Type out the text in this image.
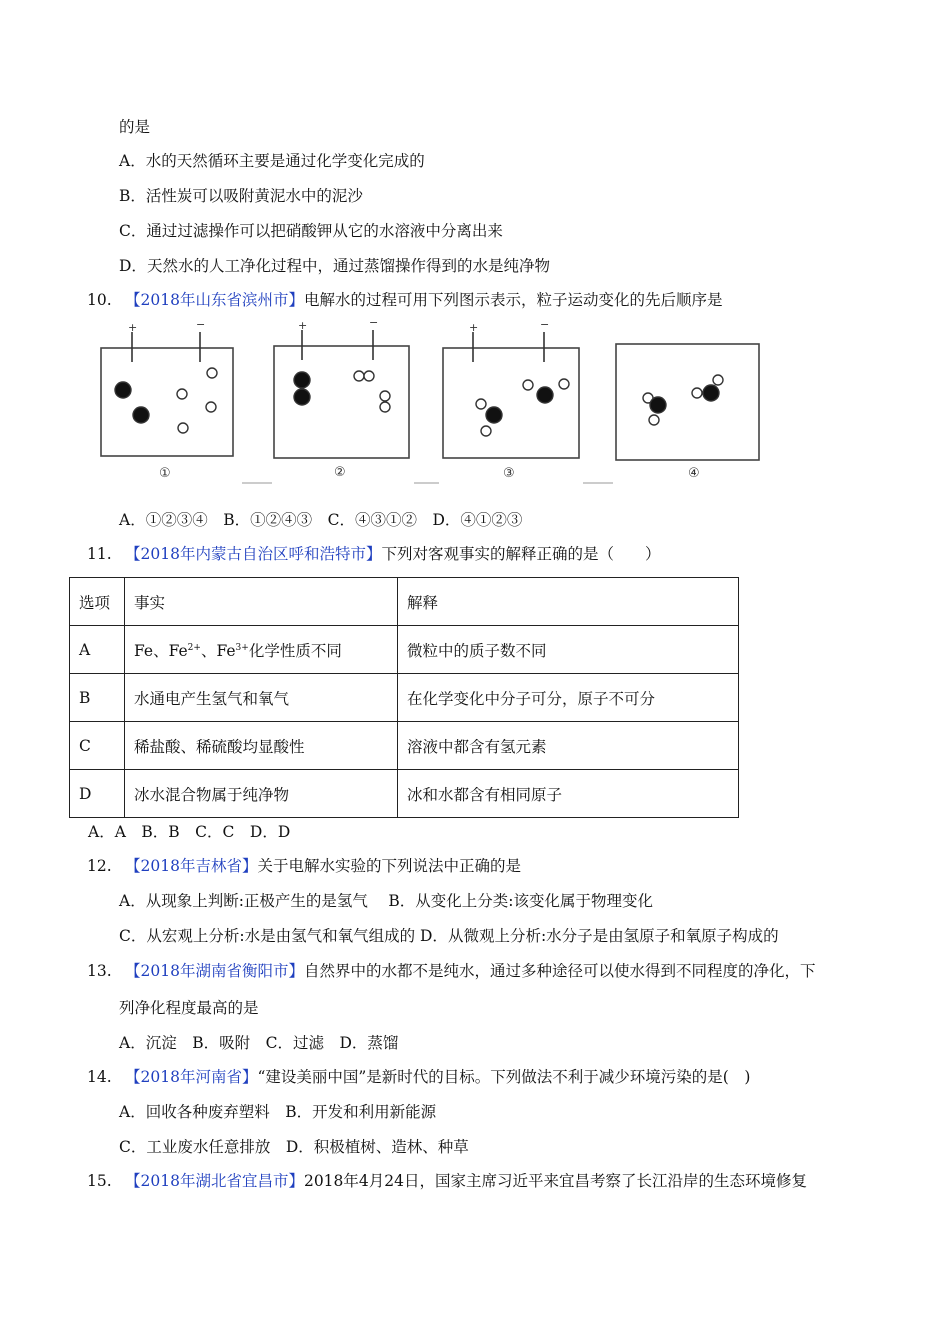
的是
A．水的天然循环主要是通过化学变化完成的
B．活性炭可以吸附黄泥水中的泥沙
C．通过过滤操作可以把硝酸钾从它的水溶液中分离出来
D．天然水的人工净化过程中，通过蒸馏操作得到的水是纯净物
10. 【2018年山东省滨州市】电解水的过程可用下列图示表示，粒子运动变化的先后顺序是
+	−	+	−	+	−
①	②	③	④
A．①②③④　B．①②④③　C．④③①②　D．④①②③
11. 【2018年内蒙古自治区呼和浩特市】下列对客观事实的解释正确的是（　　）
选项	事实	解释
A	Fe、$Fe^{2+}$、$Fe^{3+}$化学性质不同	微粒中的质子数不同
B	水通电产生氢气和氧气	在化学变化中分子可分，原子不可分
C	稀盐酸、稀硫酸均显酸性	溶液中都含有氢元素
D	冰水混合物属于纯净物	冰和水都含有相同原子
A．A　B．B　C．C　D．D
12. 【2018年吉林省】关于电解水实验的下列说法中正确的是
A．从现象上判断:正极产生的是氢气　 B．从变化上分类:该变化属于物理变化
C．从宏观上分析:水是由氢气和氧气组成的 D．从微观上分析:水分子是由氢原子和氧原子构成的
13. 【2018年湖南省衡阳市】自然界中的水都不是纯水，通过多种途径可以使水得到不同程度的净化，下
列净化程度最高的是
A．沉淀　B．吸附　C．过滤　D．蒸馏
14. 【2018年河南省】“建设美丽中国”是新时代的目标。下列做法不利于减少环境污染的是(　)
A．回收各种废弃塑料　B．开发和利用新能源
C．工业废水任意排放　D．积极植树、造林、种草
15. 【2018年湖北省宜昌市】2018年4月24日，国家主席习近平来宜昌考察了长江沿岸的生态环境修复
